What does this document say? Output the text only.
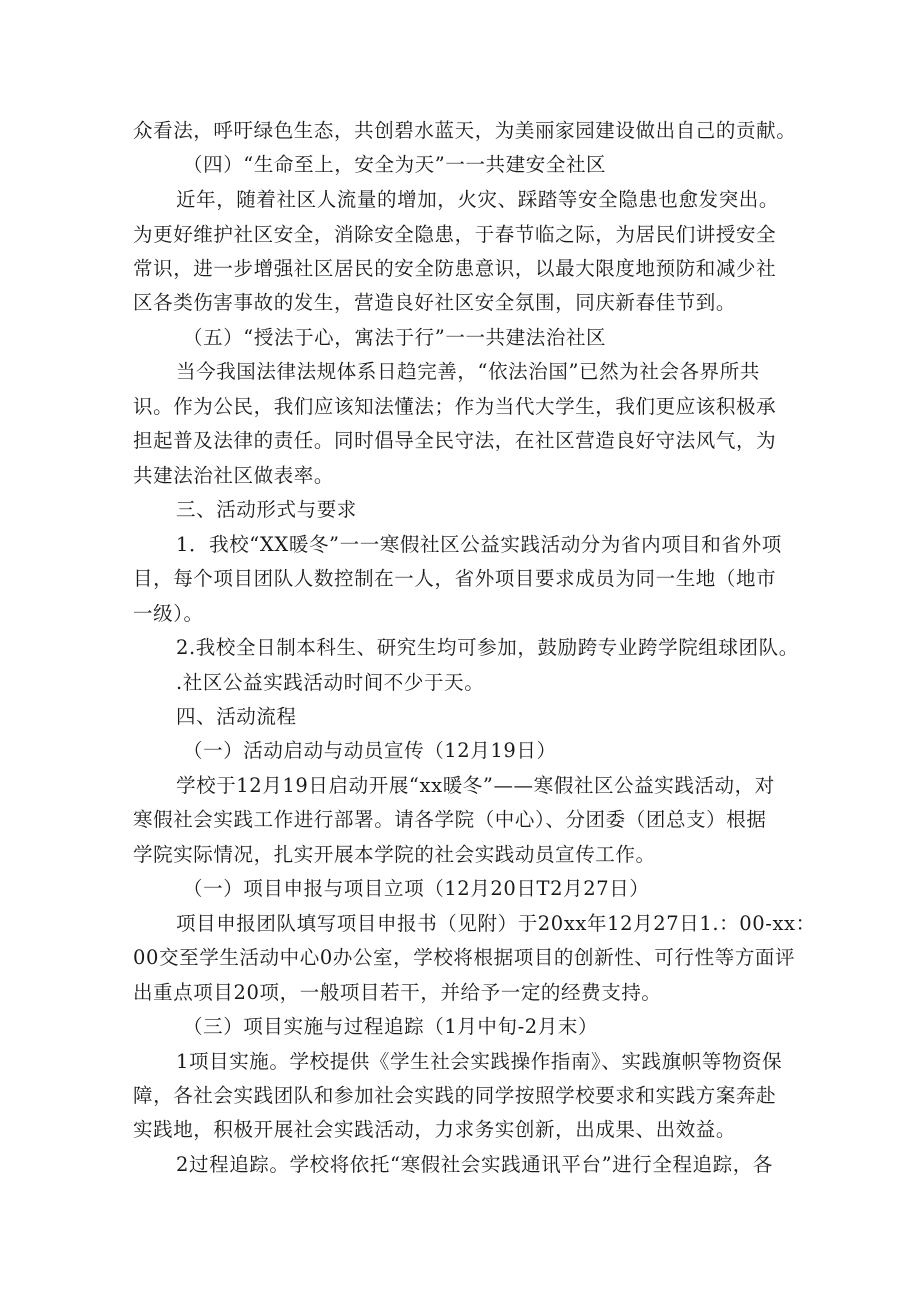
众看法，呼吁绿色生态，共创碧水蓝天，为美丽家园建设做出自己的贡献。
（四）“生命至上，安全为天”一一共建安全社区
近年，随着社区人流量的增加，火灾、踩踏等安全隐患也愈发突出。
为更好维护社区安全，消除安全隐患，于春节临之际，为居民们讲授安全
常识，进一步增强社区居民的安全防患意识，以最大限度地预防和减少社
区各类伤害事故的发生，营造良好社区安全氛围，同庆新春佳节到。
（五）“授法于心，寓法于行”一一共建法治社区
当今我国法律法规体系日趋完善，“依法治国”已然为社会各界所共
识。作为公民，我们应该知法懂法；作为当代大学生，我们更应该积极承
担起普及法律的责任。同时倡导全民守法，在社区营造良好守法风气，为
共建法治社区做表率。
三、活动形式与要求
1．我校“XX暖冬”一一寒假社区公益实践活动分为省内项目和省外项
目，每个项目团队人数控制在一人，省外项目要求成员为同一生地（地市
一级）。
2.我校全日制本科生、研究生均可参加，鼓励跨专业跨学院组球团队。
.社区公益实践活动时间不少于天。
四、活动流程
（一）活动启动与动员宣传（12月19日）
学校于12月19日启动开展“xx暖冬”——寒假社区公益实践活动，对
寒假社会实践工作进行部署。请各学院（中心）、分团委（团总支）根据
学院实际情况，扎实开展本学院的社会实践动员宣传工作。
（一）项目申报与项目立项（12月20日T2月27日）
项目申报团队填写项目申报书（见附）于20xx年12月27日1.：00-xx：
00交至学生活动中心0办公室，学校将根据项目的创新性、可行性等方面评
出重点项目20项，一般项目若干，并给予一定的经费支持。
（三）项目实施与过程追踪（1月中旬-2月末）
1项目实施。学校提供《学生社会实践操作指南》、实践旗帜等物资保
障，各社会实践团队和参加社会实践的同学按照学校要求和实践方案奔赴
实践地，积极开展社会实践活动，力求务实创新，出成果、出效益。
2过程追踪。学校将依托“寒假社会实践通讯平台”进行全程追踪，各
